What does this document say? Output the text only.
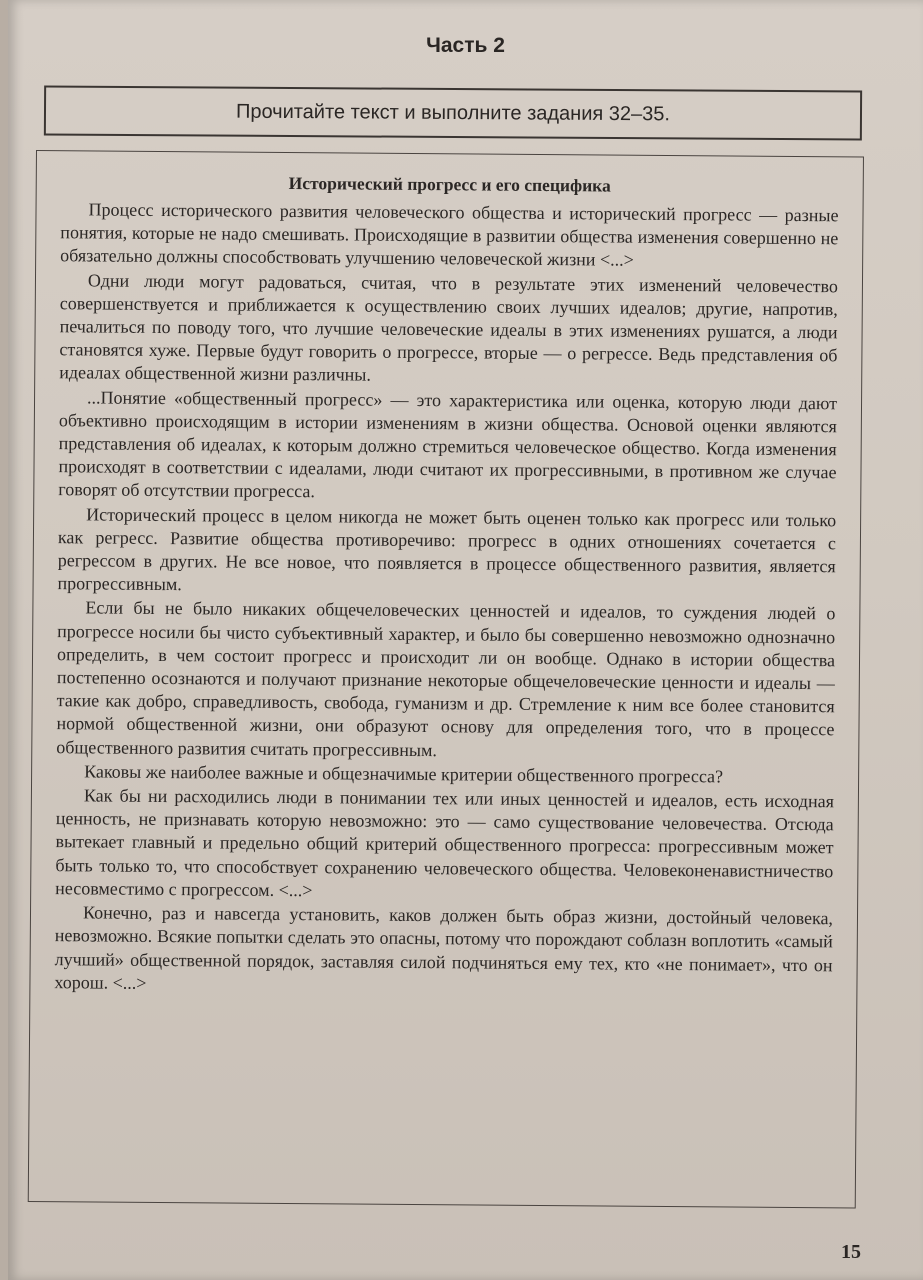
Часть 2
Прочитайте текст и выполните задания 32–35.
Исторический прогресс и его специфика

Процесс исторического развития человеческого общества и исторический прогресс — разные понятия, которые не надо смешивать. Происходящие в развитии общества изменения совершенно не обязательно должны способствовать улучшению человеческой жизни <...>

Одни люди могут радоваться, считая, что в результате этих изменений человечество совершенствуется и приближается к осуществлению своих лучших идеалов; другие, напротив, печалиться по поводу того, что лучшие человеческие идеалы в этих изменениях рушатся, а люди становятся хуже. Первые будут говорить о прогрессе, вторые — о регрессе. Ведь представления об идеалах общественной жизни различны.

...Понятие «общественный прогресс» — это характеристика или оценка, которую люди дают объективно происходящим в истории изменениям в жизни общества. Основой оценки являются представления об идеалах, к которым должно стремиться человеческое общество. Когда изменения происходят в соответствии с идеалами, люди считают их прогрессивными, в противном же случае говорят об отсутствии прогресса.

Исторический процесс в целом никогда не может быть оценен только как прогресс или только как регресс. Развитие общества противоречиво: прогресс в одних отношениях сочетается с регрессом в других. Не все новое, что появляется в процессе общественного развития, является прогрессивным.

Если бы не было никаких общечеловеческих ценностей и идеалов, то суждения людей о прогрессе носили бы чисто субъективный характер, и было бы совершенно невозможно однозначно определить, в чем состоит прогресс и происходит ли он вообще. Однако в истории общества постепенно осознаются и получают признание некоторые общечеловеческие ценности и идеалы — такие как добро, справедливость, свобода, гуманизм и др. Стремление к ним все более становится нормой общественной жизни, они образуют основу для определения того, что в процессе общественного развития считать прогрессивным.

Каковы же наиболее важные и общезначимые критерии общественного прогресса?

Как бы ни расходились люди в понимании тех или иных ценностей и идеалов, есть исходная ценность, не признавать которую невозможно: это — само существование человечества. Отсюда вытекает главный и предельно общий критерий общественного прогресса: прогрессивным может быть только то, что способствует сохранению человеческого общества. Человеконенавистничество несовместимо с прогрессом. <...>

Конечно, раз и навсегда установить, каков должен быть образ жизни, достойный человека, невозможно. Всякие попытки сделать это опасны, потому что порождают соблазн воплотить «самый лучший» общественной порядок, заставляя силой подчиняться ему тех, кто «не понимает», что он хорош. <...>

15
